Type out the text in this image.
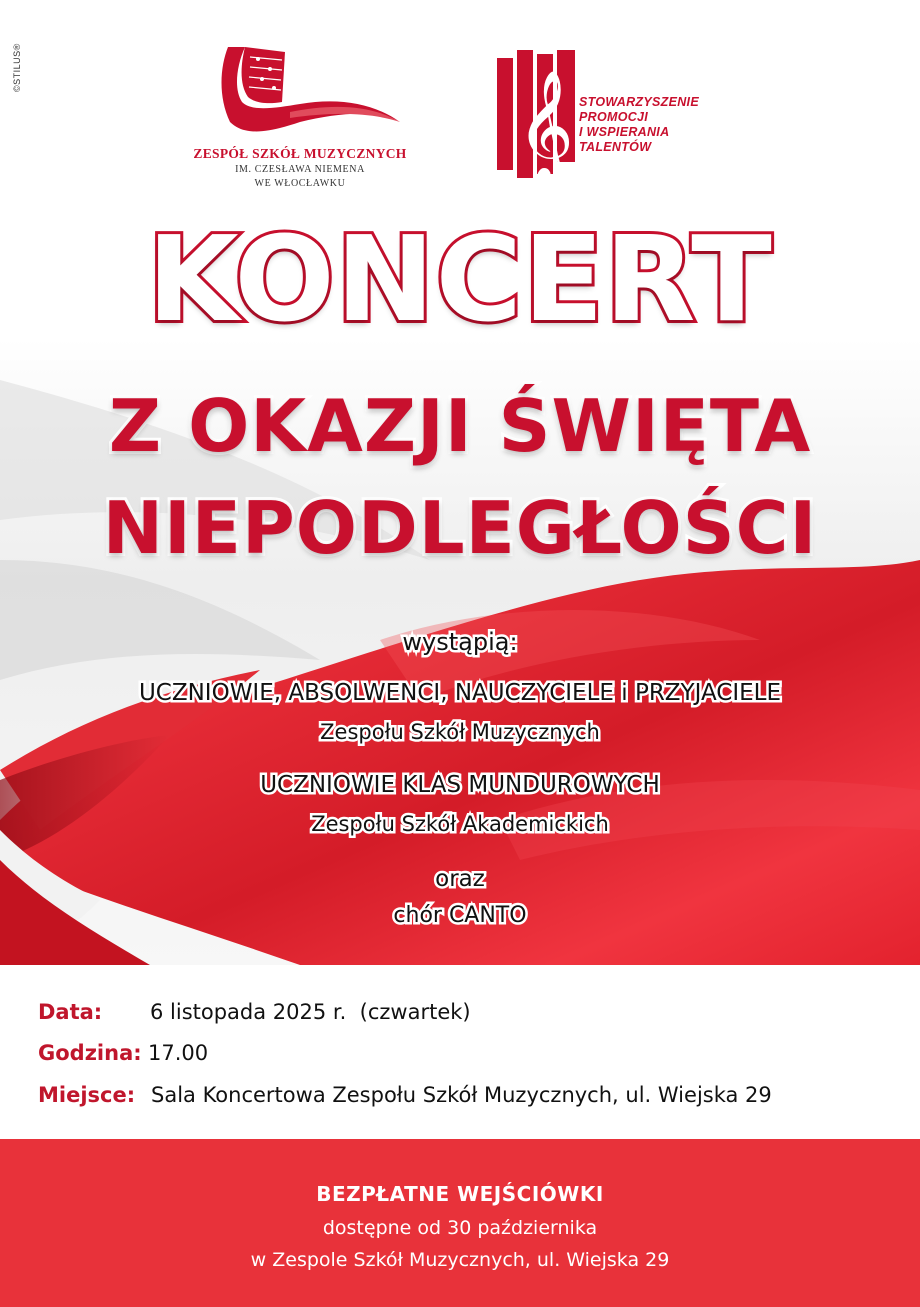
©STILUS®
ZESPÓŁ SZKÓŁ MUZYCZNYCH
IM. CZESŁAWA NIEMENA
WE WŁOCŁAWKU
𝄞 STOWARZYSZENIE
PROMOCJI
I WSPIERANIA
TALENTÓW
KONCERT
Z OKAZJI ŚWIĘTA
NIEPODLEGŁOŚCI
wystąpią:
UCZNIOWIE, ABSOLWENCI, NAUCZYCIELE i PRZYJACIELE
Zespołu Szkół Muzycznych
UCZNIOWIE KLAS MUNDUROWYCH
Zespołu Szkół Akademickich
oraz
chór CANTO
Data: 6 listopada 2025 r.  (czwartek)
Godzina: 17.00
Miejsce: Sala Koncertowa Zespołu Szkół Muzycznych, ul. Wiejska 29
BEZPŁATNE WEJŚCIÓWKI
dostępne od 30 października
w Zespole Szkół Muzycznych, ul. Wiejska 29
